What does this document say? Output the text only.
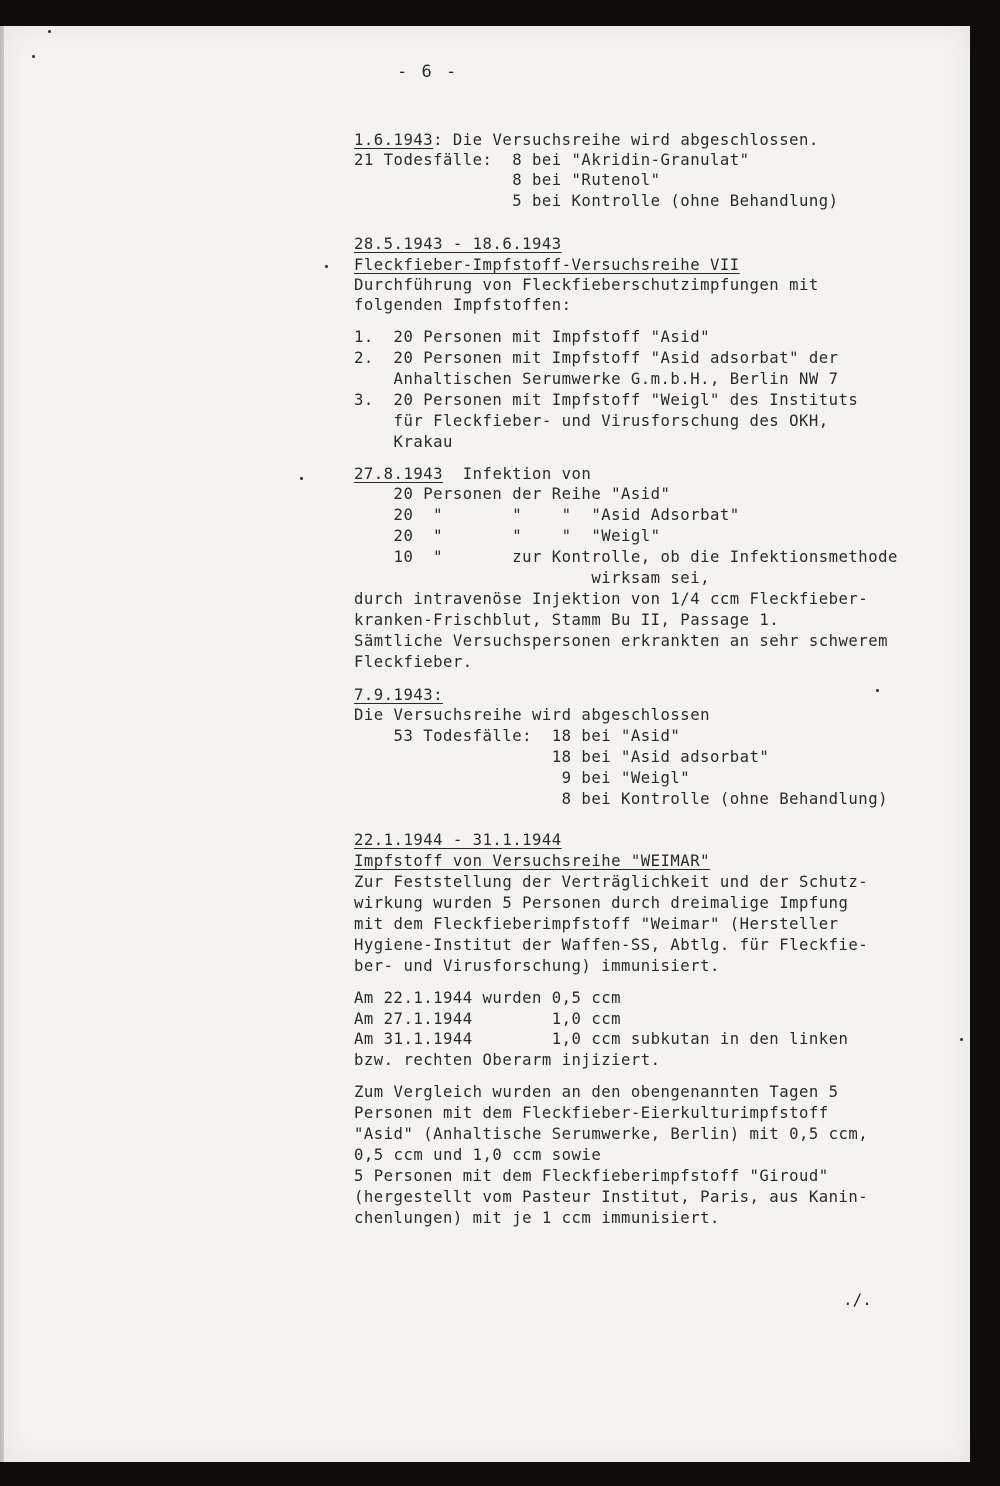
- 6 -
1.6.1943: Die Versuchsreihe wird abgeschlossen.
21 Todesfälle:  8 bei "Akridin-Granulat"
8 bei "Rutenol"
5 bei Kontrolle (ohne Behandlung)
28.5.1943 - 18.6.1943
Fleckfieber-Impfstoff-Versuchsreihe VII
Durchführung von Fleckfieberschutzimpfungen mit
folgenden Impfstoffen:
1.  20 Personen mit Impfstoff "Asid"
2.  20 Personen mit Impfstoff "Asid adsorbat" der
Anhaltischen Serumwerke G.m.b.H., Berlin NW 7
3.  20 Personen mit Impfstoff "Weigl" des Instituts
für Fleckfieber- und Virusforschung des OKH,
Krakau
27.8.1943  Infektion von
20 Personen der Reihe "Asid"
20  "       "    "  "Asid Adsorbat"
20  "       "    "  "Weigl"
10  "       zur Kontrolle, ob die Infektionsmethode
wirksam sei,
durch intravenöse Injektion von 1/4 ccm Fleckfieber-
kranken-Frischblut, Stamm Bu II, Passage 1.
Sämtliche Versuchspersonen erkrankten an sehr schwerem
Fleckfieber.
7.9.1943:
Die Versuchsreihe wird abgeschlossen
53 Todesfälle:  18 bei "Asid"
18 bei "Asid adsorbat"
9 bei "Weigl"
8 bei Kontrolle (ohne Behandlung)
22.1.1944 - 31.1.1944
Impfstoff von Versuchsreihe "WEIMAR"
Zur Feststellung der Verträglichkeit und der Schutz-
wirkung wurden 5 Personen durch dreimalige Impfung
mit dem Fleckfieberimpfstoff "Weimar" (Hersteller
Hygiene-Institut der Waffen-SS, Abtlg. für Fleckfie-
ber- und Virusforschung) immunisiert.
Am 22.1.1944 wurden 0,5 ccm
Am 27.1.1944        1,0 ccm
Am 31.1.1944        1,0 ccm subkutan in den linken
bzw. rechten Oberarm injiziert.
Zum Vergleich wurden an den obengenannten Tagen 5
Personen mit dem Fleckfieber-Eierkulturimpfstoff
"Asid" (Anhaltische Serumwerke, Berlin) mit 0,5 ccm,
0,5 ccm und 1,0 ccm sowie
5 Personen mit dem Fleckfieberimpfstoff "Giroud"
(hergestellt vom Pasteur Institut, Paris, aus Kanin-
chenlungen) mit je 1 ccm immunisiert.
./.
